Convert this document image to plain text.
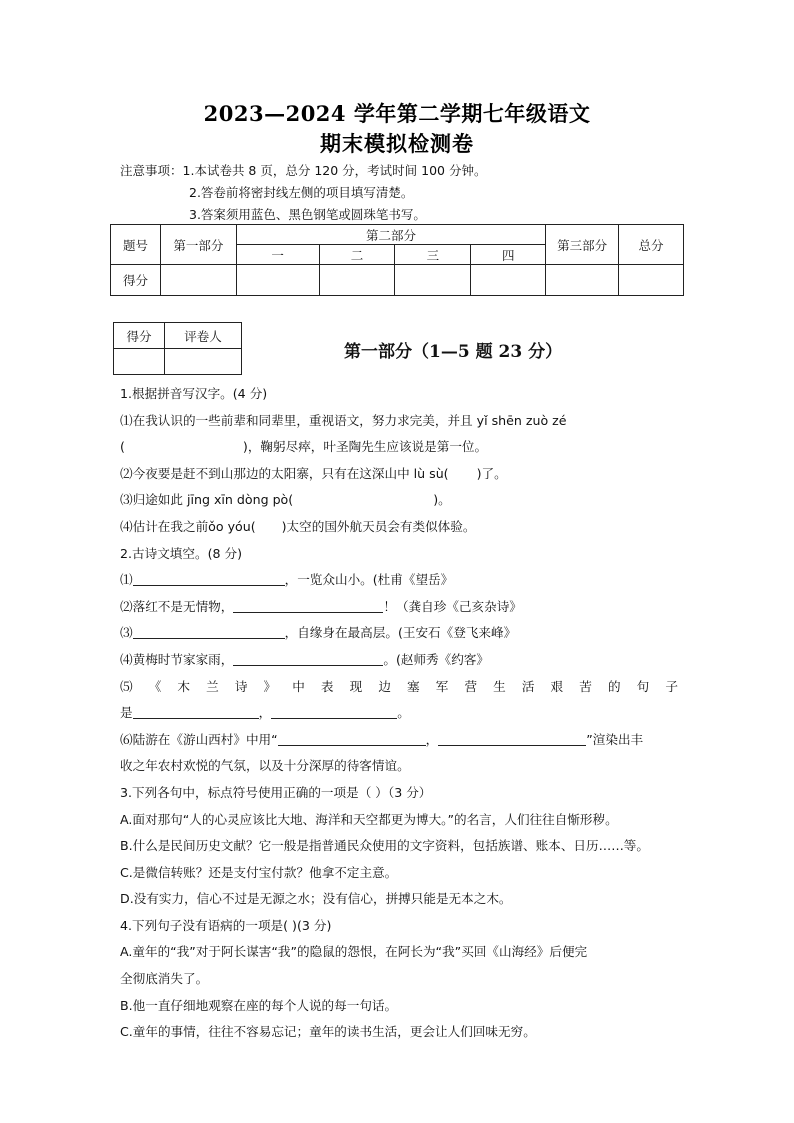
2023—2024 学年第二学期七年级语文
期末模拟检测卷
注意事项：1.本试卷共 8 页，总分 120 分，考试时间 100 分钟。
2.答卷前将密封线左侧的项目填写清楚。
3.答案须用蓝色、黑色钢笔或圆珠笔书写。
题号	第一部分	第二部分				第三部分	总分
		一	二	三	四		
得分							
得分	评卷人

第一部分（1—5 题 23 分）
1.根据拼音写汉字。(4 分)
⑴在我认识的一些前辈和同辈里，重视语文，努力求完美，并且 yǐ shēn zuò zé
(	)，鞠躬尽瘁，叶圣陶先生应该说是第一位。
⑵今夜要是赶不到山那边的太阳寨，只有在这深山中 lù sù( )了。
⑶归途如此 jīng xīn dòng pò(	)。
⑷估计在我之前ǒo yóu( )太空的国外航天员会有类似体验。
2.古诗文填空。(8 分)
⑴	，一览众山小。(杜甫《望岳》
⑵落红不是无情物，	！（龚自珍《己亥杂诗》
⑶	，自缘身在最高层。(王安石《登飞来峰》
⑷黄梅时节家家雨，	。(赵师秀《约客》
⑸ 《 木 兰 诗 》 中 表 现 边 塞 军 营 生 活 艰 苦 的 句 子
是	，	。
⑹陆游在《游山西村》中用“	，	”渲染出丰
收之年农村欢悦的气氛，以及十分深厚的待客情谊。
3.下列各句中，标点符号使用正确的一项是（ ）（3 分）
A.面对那句“人的心灵应该比大地、海洋和天空都更为博大。”的名言，人们往往自惭形秽。
B.什么是民间历史文献？它一般是指普通民众使用的文字资料，包括族谱、账本、日历……等。
C.是微信转账？还是支付宝付款？他拿不定主意。
D.没有实力，信心不过是无源之水；没有信心，拼搏只能是无本之木。
4.下列句子没有语病的一项是( )(3 分)
A.童年的“我”对于阿长谋害“我”的隐鼠的怨恨，在阿长为“我”买回《山海经》后便完
全彻底消失了。
B.他一直仔细地观察在座的每个人说的每一句话。
C.童年的事情，往往不容易忘记；童年的读书生活，更会让人们回味无穷。
